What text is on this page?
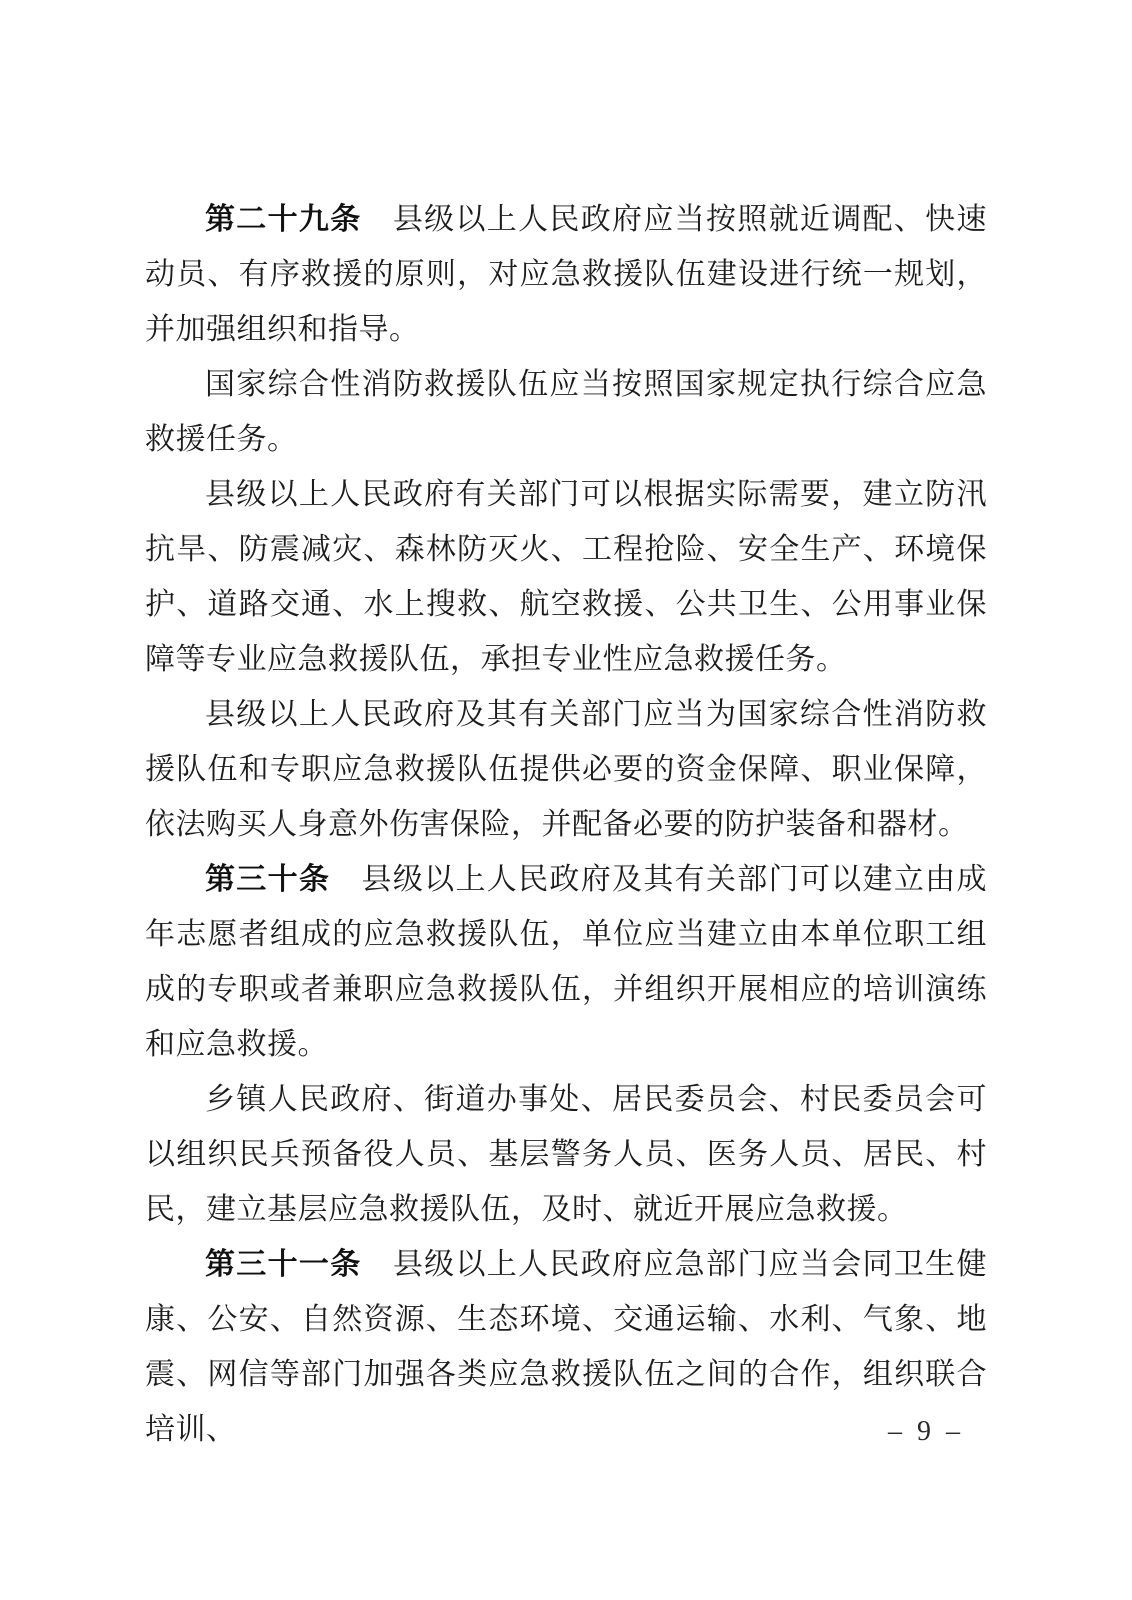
第二十九条　县级以上人民政府应当按照就近调配、快速动员、有序救援的原则，对应急救援队伍建设进行统一规划，并加强组织和指导。

国家综合性消防救援队伍应当按照国家规定执行综合应急救援任务。

县级以上人民政府有关部门可以根据实际需要，建立防汛抗旱、防震减灾、森林防灭火、工程抢险、安全生产、环境保护、道路交通、水上搜救、航空救援、公共卫生、公用事业保障等专业应急救援队伍，承担专业性应急救援任务。

县级以上人民政府及其有关部门应当为国家综合性消防救援队伍和专职应急救援队伍提供必要的资金保障、职业保障，依法购买人身意外伤害保险，并配备必要的防护装备和器材。

第三十条　县级以上人民政府及其有关部门可以建立由成年志愿者组成的应急救援队伍，单位应当建立由本单位职工组成的专职或者兼职应急救援队伍，并组织开展相应的培训演练和应急救援。

乡镇人民政府、街道办事处、居民委员会、村民委员会可以组织民兵预备役人员、基层警务人员、医务人员、居民、村民，建立基层应急救援队伍，及时、就近开展应急救援。

第三十一条　县级以上人民政府应急部门应当会同卫生健康、公安、自然资源、生态环境、交通运输、水利、气象、地震、网信等部门加强各类应急救援队伍之间的合作，组织联合培训、	– 9 –
